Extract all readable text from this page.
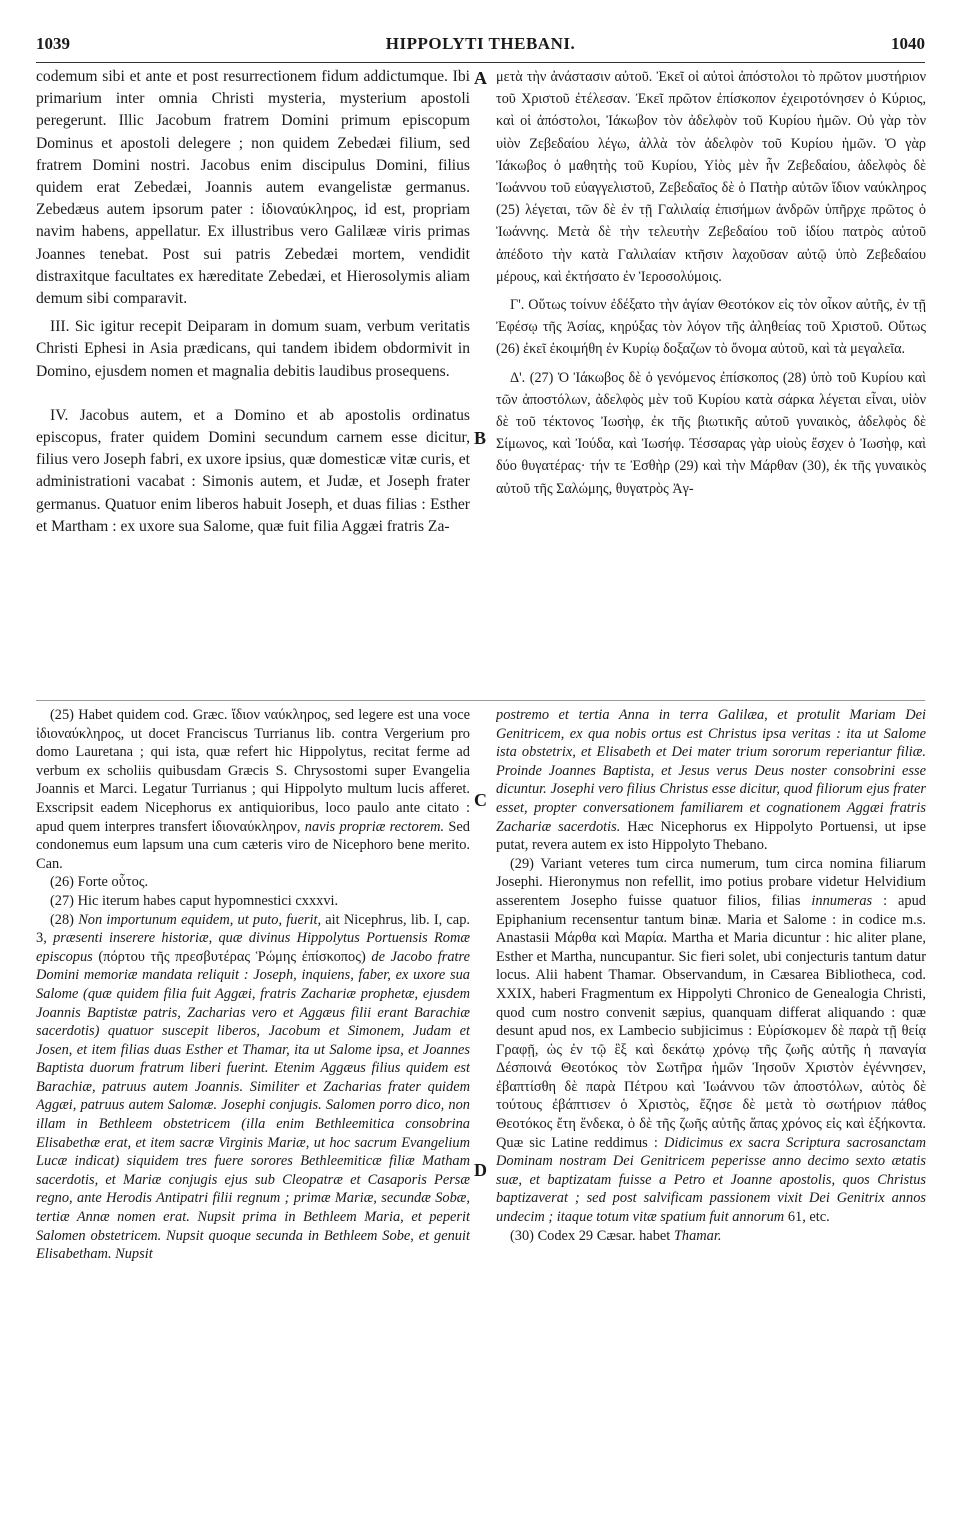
1039	HIPPOLYTI THEBANI.	1040

codemum sibi et ante et post resurrectionem fidum addictumque. Ibi primarium inter omnia Christi mysteria, mysterium apostoli peregerunt. Illic Jacobum fratrem Domini primum episcopum Dominus et apostoli delegere ; non quidem Zebedæi filium, sed fratrem Domini nostri. Jacobus enim discipulus Domini, filius quidem erat Zebedæi, Joannis autem evangelistæ germanus. Zebedæus autem ipsorum pater : ἰδιοναύκληρος, id est, propriam navim habens, appellatur. Ex illustribus vero Galilææ viris primas Joannes tenebat. Post sui patris Zebedæi mortem, vendidit distraxitque facultates ex hæreditate Zebedæi, et Hierosolymis aliam demum sibi comparavit.

III. Sic igitur recepit Deiparam in domum suam, verbum veritatis Christi Ephesi in Asia prædicans, qui tandem ibidem obdormivit in Domino, ejusdem nomen et magnalia debitis laudibus prosequens.

IV. Jacobus autem, et a Domino et ab apostolis ordinatus episcopus, frater quidem Domini secundum carnem esse dicitur, filius vero Joseph fabri, ex uxore ipsius, quæ domesticæ vitæ curis, et administrationi vacabat : Simonis autem, et Judæ, et Joseph frater germanus. Quatuor enim liberos habuit Joseph, et duas filias : Esther et Martham : ex uxore sua Salome, quæ fuit filia Aggæi fratris Za-

μετὰ τὴν ἀνάστασιν αὐτοῦ. Ἐκεῖ οἱ αὐτοὶ ἀπόστολοι τὸ πρῶτον μυστήριον τοῦ Χριστοῦ ἐτέλεσαν. Ἐκεῖ πρῶτον ἐπίσκοπον ἐχειροτόνησεν ὁ Κύριος, καὶ οἱ ἀπόστολοι, Ἰάκωβον τὸν ἀδελφὸν τοῦ Κυρίου ἡμῶν. Οὐ γὰρ τὸν υἱὸν Ζεβεδαίου λέγω, ἀλλὰ τὸν ἀδελφὸν τοῦ Κυρίου ἡμῶν. Ὁ γὰρ Ἰάκωβος ὁ μαθητὴς τοῦ Κυρίου, Υἱὸς μὲν ἦν Ζεβεδαίου, ἀδελφὸς δὲ Ἰωάννου τοῦ εὐαγγελιστοῦ, Ζεβεδαῖος δὲ ὁ Πατὴρ αὐτῶν ἴδιον ναύκληρος (25) λέγεται, τῶν δὲ ἐν τῇ Γαλιλαίᾳ ἐπισήμων ἀνδρῶν ὑπῆρχε πρῶτος ὁ Ἰωάννης. Μετὰ δὲ τὴν τελευτὴν Ζεβεδαίου τοῦ ἰδίου πατρὸς αὐτοῦ ἀπέδοτο τὴν κατὰ Γαλιλαίαν κτῆσιν λαχοῦσαν αὐτῷ ὑπὸ Ζεβεδαίου μέρους, καὶ ἐκτήσατο ἐν Ἱεροσολύμοις.

Γ'. Οὕτως τοίνυν ἐδέξατο τὴν ἁγίαν Θεοτόκον εἰς τὸν οἶκον αὐτῆς, ἐν τῇ Ἐφέσῳ τῆς Ἀσίας, κηρύξας τὸν λόγον τῆς ἀληθείας τοῦ Χριστοῦ. Οὕτως (26) ἐκεῖ ἐκοιμήθη ἐν Κυρίῳ δοξαζων τὸ ὄνομα αὐτοῦ, καὶ τὰ μεγαλεῖα.

Δ'. (27) Ὁ Ἰάκωβος δὲ ὁ γενόμενος ἐπίσκοπος (28) ὑπὸ τοῦ Κυρίου καὶ τῶν ἀποστόλων, ἀδελφὸς μὲν τοῦ Κυρίου κατὰ σάρκα λέγεται εἶναι, υἱὸν δὲ τοῦ τέκτονος Ἰωσὴφ, ἐκ τῆς βιωτικῆς αὐτοῦ γυναικὸς, ἀδελφὸς δὲ Σίμωνος, καὶ Ἰούδα, καὶ Ἰωσήφ. Τέσσαρας γὰρ υἱοὺς ἔσχεν ὁ Ἰωσὴφ, καὶ δύο θυγατέρας· τήν τε Ἐσθὴρ (29) καὶ τὴν Μάρθαν (30), ἐκ τῆς γυναικὸς αὐτοῦ τῆς Σαλώμης, θυγατρὸς Ἀγ-

(25) Habet quidem cod. Græc. ἴδιον ναύκληρος, sed legere est una voce ἰδιοναύκληρος, ut docet Franciscus Turrianus lib. contra Vergerium pro domo Lauretana ; qui ista, quæ refert hic Hippolytus, recitat ferme ad verbum ex scholiis quibusdam Græcis S. Chrysostomi super Evangelia Joannis et Marci. Legatur Turrianus ; qui Hippolyto multum lucis afferet. Exscripsit eadem Nicephorus ex antiquioribus, loco paulo ante citato : apud quem interpres transfert ἰδιοναύκληρον, navis propriæ rectorem. Sed condonemus eum lapsum una cum cæteris viro de Nicephoro bene merito. Can.

(26) Forte οὗτος.

(27) Hic iterum habes caput hypomnestici cxxxvi.

(28) Non importunum equidem, ut puto, fuerit, ait Nicephrus, lib. I, cap. 3, præsenti inserere historiæ, quæ divinus Hippolytus Portuensis Romæ episcopus (πόρτου τῆς πρεσβυτέρας Ῥώμης ἐπίσκοπος) de Jacobo fratre Domini memoriæ mandata reliquit : Joseph, inquiens, faber, ex uxore sua Salome (quæ quidem filia fuit Aggæi, fratris Zachariæ prophetæ, ejusdem Joannis Baptistæ patris, Zacharias vero et Aggæus filii erant Barachiæ sacerdotis) quatuor suscepit liberos, Jacobum et Simonem, Judam et Josen, et item filias duas Esther et Thamar, ita ut Salome ipsa, et Joannes Baptista duorum fratrum liberi fuerint. Etenim Aggæus filius quidem est Barachiæ, patruus autem Joannis. Similiter et Zacharias frater quidem Aggæi, patruus autem Salomæ. Josephi conjugis. Salomen porro dico, non illam in Bethleem obstetricem (illa enim Bethleemitica consobrina Elisabethæ erat, et item sacræ Virginis Mariæ, ut hoc sacrum Evangelium Lucæ indicat) siquidem tres fuere sorores Bethleemiticæ filiæ Matham sacerdotis, et Mariæ conjugis ejus sub Cleopatræ et Casaporis Persæ regno, ante Herodis Antipatri filii regnum ; primæ Mariæ, secundæ Sobæ, tertiæ Annæ nomen erat. Nupsit prima in Bethleem Maria, et peperit Salomen obstetricem. Nupsit quoque secunda in Bethleem Sobe, et genuit Elisabetham. Nupsit

postremo et tertia Anna in terra Galilæa, et protulit Mariam Dei Genitricem, ex qua nobis ortus est Christus ipsa veritas : ita ut Salome ista obstetrix, et Elisabeth et Dei mater trium sororum reperiantur filiæ. Proinde Joannes Baptista, et Jesus verus Deus noster consobrini esse dicuntur. Josephi vero filius Christus esse dicitur, quod filiorum ejus frater esset, propter conversationem familiarem et cognationem Aggæi fratris Zachariæ sacerdotis. Hæc Nicephorus ex Hippolyto Portuensi, ut ipse putat, revera autem ex isto Hippolyto Thebano.

(29) Variant veteres tum circa numerum, tum circa nomina filiarum Josephi. Hieronymus non refellit, imo potius probare videtur Helvidium asserentem Josepho fuisse quatuor filios, filias innumeras : apud Epiphanium recensentur tantum binæ. Maria et Salome : in codice m.s. Anastasii Μάρθα καὶ Μαρία. Martha et Maria dicuntur : hic aliter plane, Esther et Martha, nuncupantur. Sic fieri solet, ubi conjecturis tantum datur locus. Alii habent Thamar. Observandum, in Cæsarea Bibliotheca, cod. XXIX, haberi Fragmentum ex Hippolyti Chronico de Genealogia Christi, quod cum nostro convenit sæpius, quanquam differat aliquando : quæ desunt apud nos, ex Lambecio subjicimus : Εὑρίσκομεν δὲ παρὰ τῇ θείᾳ Γραφῇ, ὡς ἐν τῷ ἓξ καὶ δεκάτῳ χρόνῳ τῆς ζωῆς αὐτῆς ἡ παναγία Δέσποινά Θεοτόκος τὸν Σωτῆρα ἡμῶν Ἰησοῦν Χριστὸν ἐγέννησεν, ἐβαπτίσθη δὲ παρὰ Πέτρου καὶ Ἰωάννου τῶν ἀποστόλων, αὐτὸς δὲ τούτους ἐβάπτισεν ὁ Χριστὸς, ἔζησε δὲ μετὰ τὸ σωτήριον πάθος Θεοτόκος ἔτη ἕνδεκα, ὁ δὲ τῆς ζωῆς αὐτῆς ἅπας χρόνος εἰς καὶ ἑξήκοντα. Quæ sic Latine reddimus : Didicimus ex sacra Scriptura sacrosanctam Dominam nostram Dei Genitricem peperisse anno decimo sexto ætatis suæ, et baptizatam fuisse a Petro et Joanne apostolis, quos Christus baptizaverat ; sed post salvificam passionem vixit Dei Genitrix annos undecim ; itaque totum vitæ spatium fuit annorum 61, etc.

(30) Codex 29 Cæsar. habet Thamar.

A
B
C
D
